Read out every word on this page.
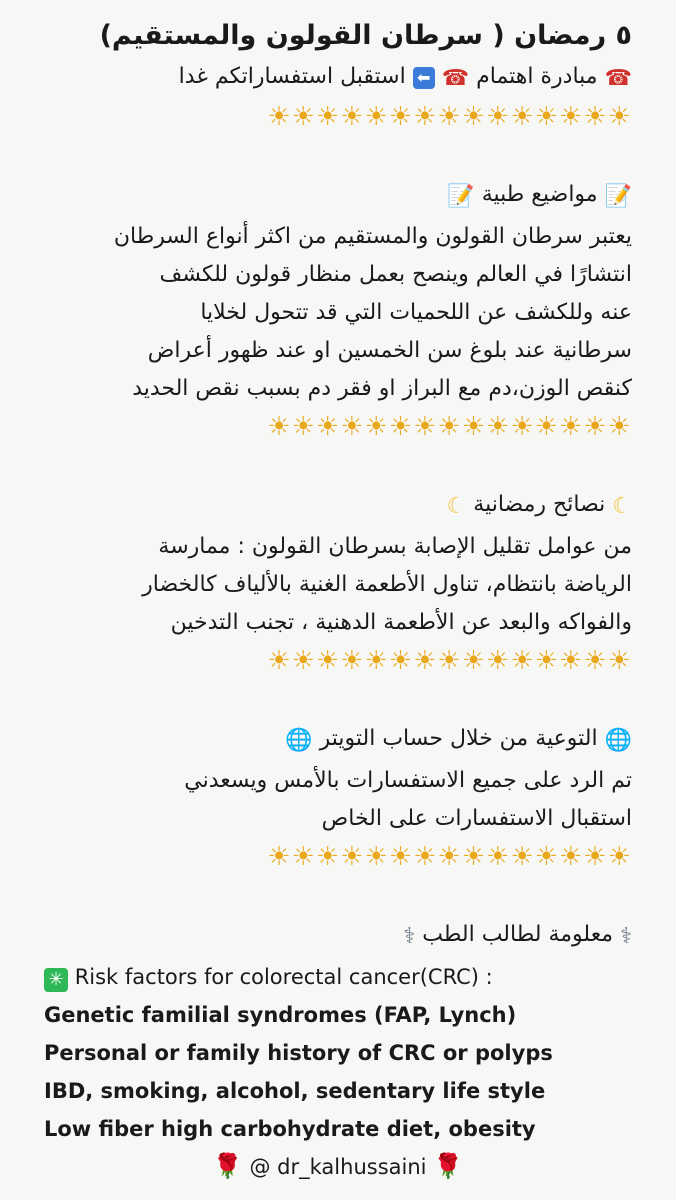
٥ رمضان ( سرطان القولون والمستقيم)

☎ مبادرة اهتمام ☎ ⬅ استقبل استفساراتكم غدا

☀☀☀☀☀☀☀☀☀☀☀☀☀☀☀

📝 مواضيع طبية 📝

يعتبر سرطان القولون والمستقيم من اكثر أنواع السرطان

انتشارًا في العالم وينصح بعمل منظار قولون للكشف

عنه وللكشف عن اللحميات التي قد تتحول لخلايا

سرطانية عند بلوغ سن الخمسين او عند ظهور أعراض

كنقص الوزن،دم مع البراز او فقر دم بسبب نقص الحديد

☀☀☀☀☀☀☀☀☀☀☀☀☀☀☀

☾ نصائح رمضانية ☾

من عوامل تقليل الإصابة بسرطان القولون : ممارسة

الرياضة بانتظام، تناول الأطعمة الغنية بالألياف كالخضار

والفواكه والبعد عن الأطعمة الدهنية ، تجنب التدخين

☀☀☀☀☀☀☀☀☀☀☀☀☀☀☀

🌐 التوعية من خلال حساب التويتر 🌐

تم الرد على جميع الاستفسارات بالأمس ويسعدني

استقبال الاستفسارات على الخاص

☀☀☀☀☀☀☀☀☀☀☀☀☀☀☀

⚕ معلومة لطالب الطب ⚕

✳ Risk factors for colorectal cancer(CRC) :

Genetic familial syndromes (FAP, Lynch)

Personal or family history of CRC or polyps

IBD, smoking, alcohol, sedentary life style

Low fiber high carbohydrate diet, obesity

🌹 @ dr_kalhussaini 🌹
